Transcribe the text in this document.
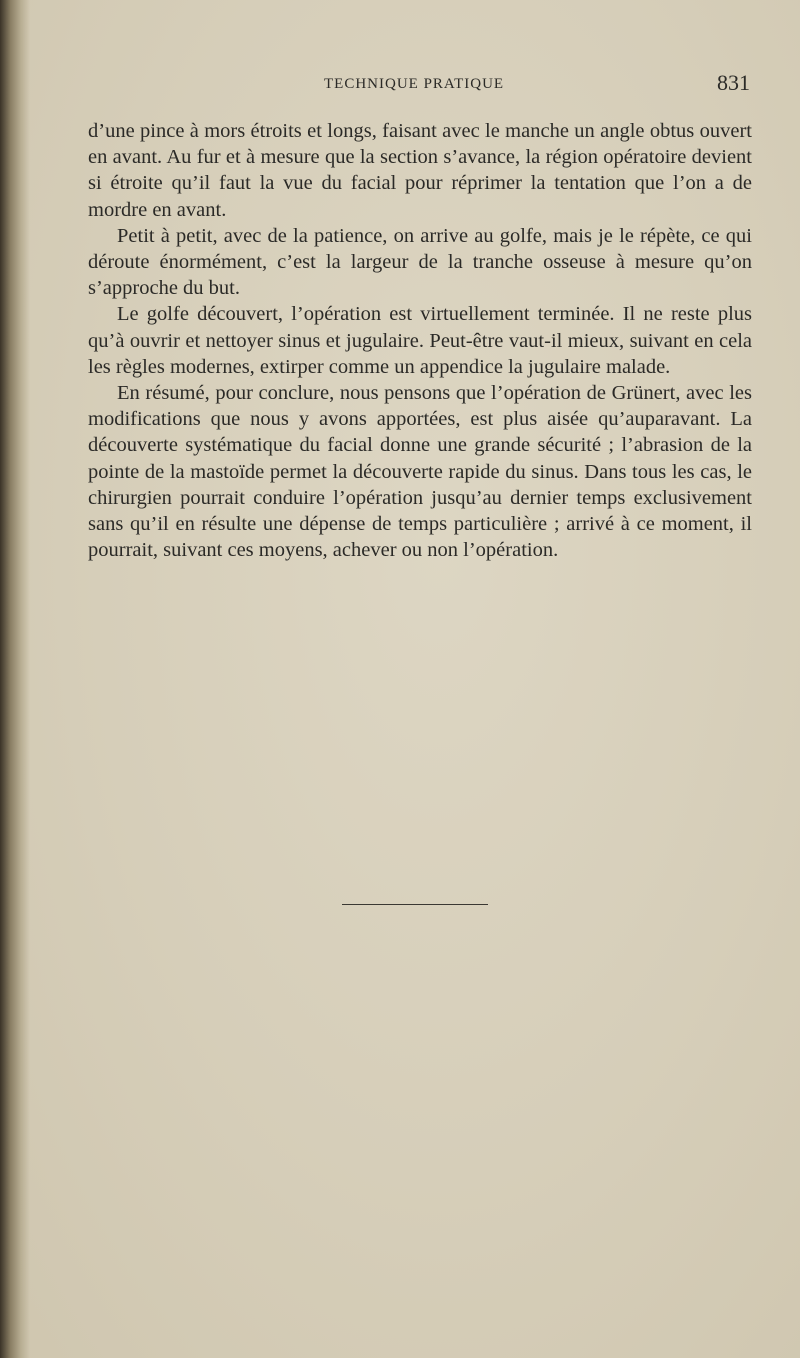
TECHNIQUE PRATIQUE	831

d’une pince à mors étroits et longs, faisant avec le manche un angle obtus ouvert en avant. Au fur et à mesure que la section s’avance, la région opératoire devient si étroite qu’il faut la vue du facial pour réprimer la tentation que l’on a de mordre en avant.

Petit à petit, avec de la patience, on arrive au golfe, mais je le répète, ce qui déroute énormément, c’est la largeur de la tranche osseuse à mesure qu’on s’approche du but.

Le golfe découvert, l’opération est virtuellement terminée. Il ne reste plus qu’à ouvrir et nettoyer sinus et jugulaire. Peut-être vaut-il mieux, suivant en cela les règles modernes, extirper comme un appendice la jugulaire malade.

En résumé, pour conclure, nous pensons que l’opération de Grünert, avec les modifications que nous y avons apportées, est plus aisée qu’auparavant. La découverte systématique du facial donne une grande sécurité ; l’abrasion de la pointe de la mastoïde permet la découverte rapide du sinus. Dans tous les cas, le chirurgien pourrait conduire l’opération jusqu’au dernier temps exclusivement sans qu’il en résulte une dépense de temps particulière ; arrivé à ce moment, il pourrait, suivant ces moyens, achever ou non l’opération.
